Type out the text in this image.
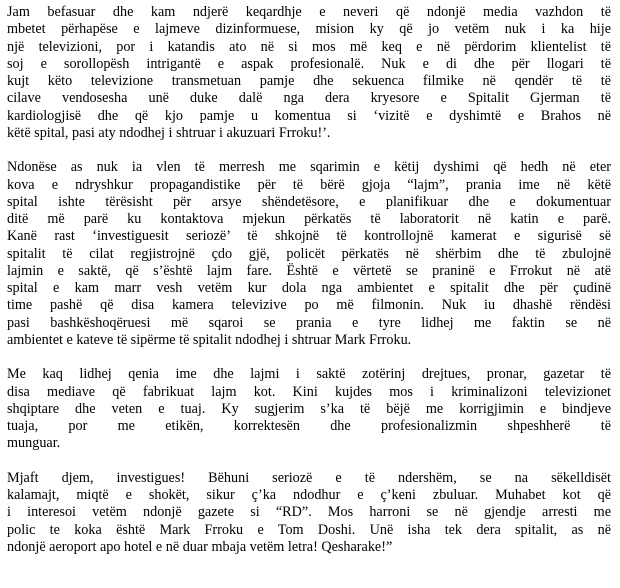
Jam befasuar dhe kam ndjerë keqardhje e neveri që ndonjë media vazhdon të
mbetet përhapëse e lajmeve dizinformuese, mision ky që jo vetëm nuk i ka hije
një televizioni, por i katandis ato në si mos më keq e në përdorim klientelist të
soj e sorollopësh intrigantë e aspak profesionalë. Nuk e di dhe për llogari të
kujt këto televizione transmetuan pamje dhe sekuenca filmike në qendër të të
cilave vendosesha unë duke dalë nga dera kryesore e Spitalit Gjerman të
kardiologjisë dhe që kjo pamje u komentua si ‘vizitë e dyshimtë e Brahos në
këtë spital, pasi aty ndodhej i shtruar i akuzuari Frroku!’.
Ndonëse as nuk ia vlen të merresh me sqarimin e këtij dyshimi që hedh në eter
kova e ndryshkur propagandistike për të bërë gjoja “lajm”, prania ime në këtë
spital ishte tërësisht për arsye shëndetësore, e planifikuar dhe e dokumentuar
ditë më parë ku kontaktova mjekun përkatës të laboratorit në katin e parë.
Kanë rast ‘investiguesit seriozë’ të shkojnë të kontrollojnë kamerat e sigurisë së
spitalit të cilat regjistrojnë çdo gjë, policët përkatës në shërbim dhe të zbulojnë
lajmin e saktë, që s’është lajm fare. Është e vërtetë se praninë e Frrokut në atë
spital e kam marr vesh vetëm kur dola nga ambientet e spitalit dhe për çudinë
time pashë që disa kamera televizive po më filmonin. Nuk iu dhashë rëndësi
pasi bashkëshoqëruesi më sqaroi se prania e tyre lidhej me faktin se në
ambientet e kateve të sipërme të spitalit ndodhej i shtruar Mark Frroku.
Me kaq lidhej qenia ime dhe lajmi i saktë zotërinj drejtues, pronar, gazetar të
disa mediave që fabrikuat lajm kot. Kini kujdes mos i kriminalizoni televizionet
shqiptare dhe veten e tuaj. Ky sugjerim s’ka të bëjë me korrigjimin e bindjeve
tuaja, por me etikën, korrektesën dhe profesionalizmin shpeshherë të
munguar.
Mjaft djem, investigues! Bëhuni seriozë e të ndershëm, se na sëkelldisët
kalamajt, miqtë e shokët, sikur ç’ka ndodhur e ç’keni zbuluar. Muhabet kot që
i interesoi vetëm ndonjë gazete si “RD”. Mos harroni se në gjendje arresti me
polic te koka është Mark Frroku e Tom Doshi. Unë isha tek dera spitalit, as në
ndonjë aeroport apo hotel e në duar mbaja vetëm letra! Qesharake!”
